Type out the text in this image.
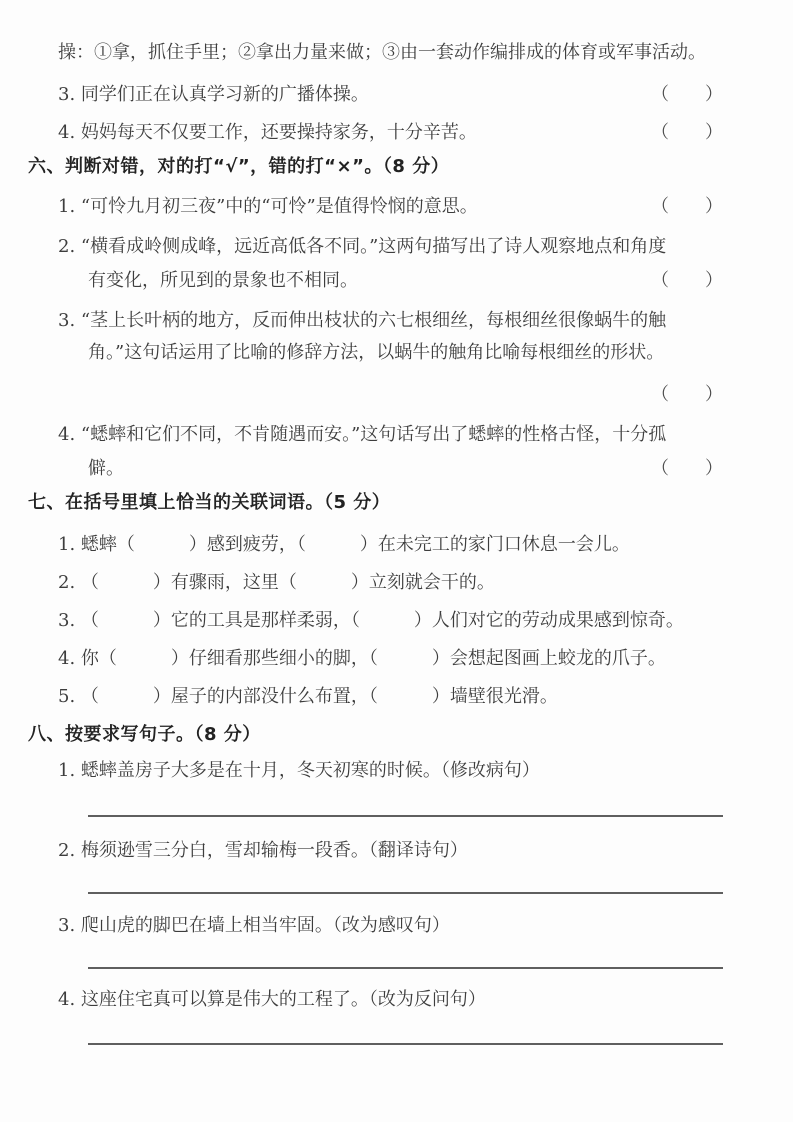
操：①拿，抓住手里；②拿出力量来做；③由一套动作编排成的体育或军事活动。
3. 同学们正在认真学习新的广播体操。	（　　）
4. 妈妈每天不仅要工作，还要操持家务，十分辛苦。	（　　）
六、判断对错，对的打“√”，错的打“×”。（8 分）
1. “可怜九月初三夜”中的“可怜”是值得怜悯的意思。	（　　）
2. “横看成岭侧成峰，远近高低各不同。”这两句描写出了诗人观察地点和角度
有变化，所见到的景象也不相同。	（　　）
3. “茎上长叶柄的地方，反而伸出枝状的六七根细丝，每根细丝很像蜗牛的触
角。”这句话运用了比喻的修辞方法，以蜗牛的触角比喻每根细丝的形状。
（　　）
4. “蟋蟀和它们不同，不肯随遇而安。”这句话写出了蟋蟀的性格古怪，十分孤
僻。	（　　）
七、在括号里填上恰当的关联词语。（5 分）
1. 蟋蟀（　　　）感到疲劳，（　　　）在未完工的家门口休息一会儿。
2. （　　　）有骤雨，这里（　　　）立刻就会干的。
3. （　　　）它的工具是那样柔弱，（　　　）人们对它的劳动成果感到惊奇。
4. 你（　　　）仔细看那些细小的脚，（　　　）会想起图画上蛟龙的爪子。
5. （　　　）屋子的内部没什么布置，（　　　）墙壁很光滑。
八、按要求写句子。（8 分）
1. 蟋蟀盖房子大多是在十月，冬天初寒的时候。（修改病句）
2. 梅须逊雪三分白，雪却输梅一段香。（翻译诗句）
3. 爬山虎的脚巴在墙上相当牢固。（改为感叹句）
4. 这座住宅真可以算是伟大的工程了。（改为反问句）
